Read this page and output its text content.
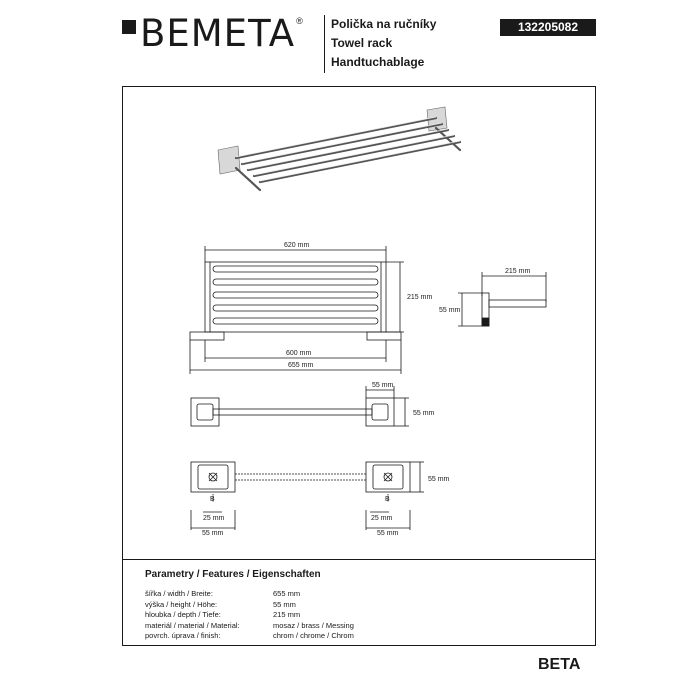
BEMETA ® Polička na ručníky
Towel rack
Handtuchablage
132205082
Parametry / Features / Eigenschaften
šířka / width / Breite:
výška / height / Höhe:
hloubka / depth / Tiefe:
materiál / material / Material:
povrch. úprava / finish:
655 mm
55 mm
215 mm
mosaz / brass / Messing
chrom / chrome / Chrom
620 mm
215 mm
600 mm
655 mm
215 mm
55 mm
55 mm
55 mm
B	B
55 mm
25 mm
55 mm
25 mm
55 mm
BETA
